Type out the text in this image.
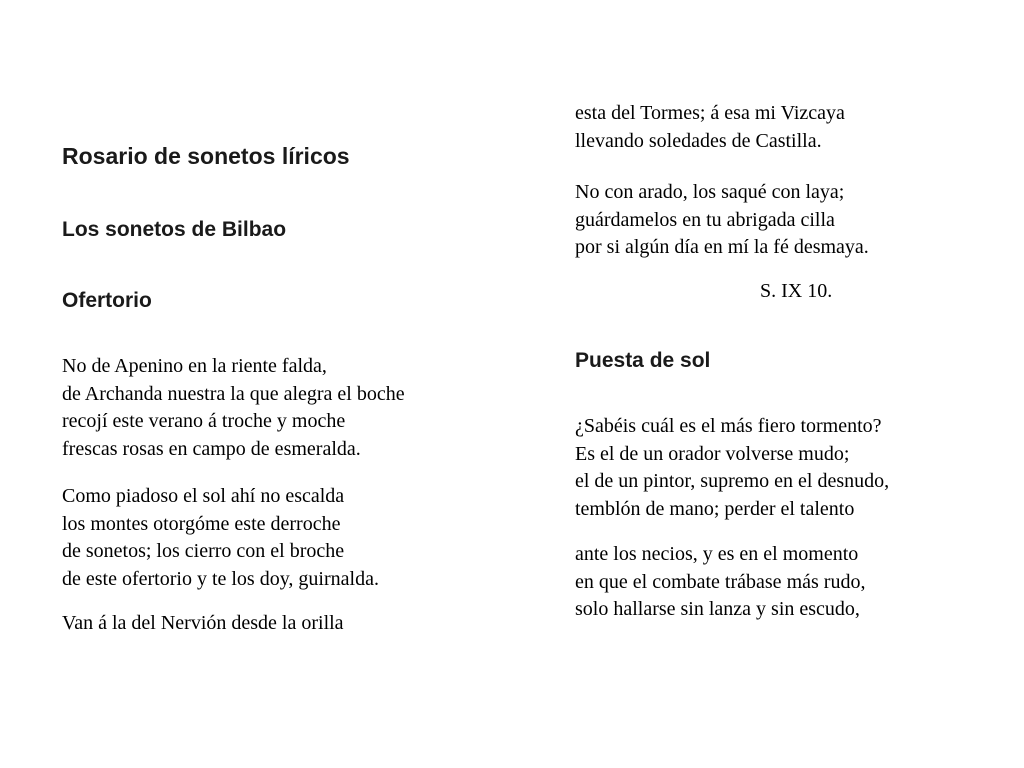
Rosario de sonetos líricos
Los sonetos de Bilbao
Ofertorio
No de Apenino en la riente falda,
de Archanda nuestra la que alegra el boche
recojí este verano á troche y moche
frescas rosas en campo de esmeralda.
Como piadoso el sol ahí no escalda
los montes otorgóme este derroche
de sonetos; los cierro con el broche
de este ofertorio y te los doy, guirnalda.
Van á la del Nervión desde la orilla
esta del Tormes; á esa mi Vizcaya
llevando soledades de Castilla.
No con arado, los saqué con laya;
guárdamelos en tu abrigada cilla
por si algún día en mí la fé desmaya.
S. IX 10.
Puesta de sol
¿Sabéis cuál es el más fiero tormento?
Es el de un orador volverse mudo;
el de un pintor, supremo en el desnudo,
temblón de mano; perder el talento
ante los necios, y es en el momento
en que el combate trábase más rudo,
solo hallarse sin lanza y sin escudo,
